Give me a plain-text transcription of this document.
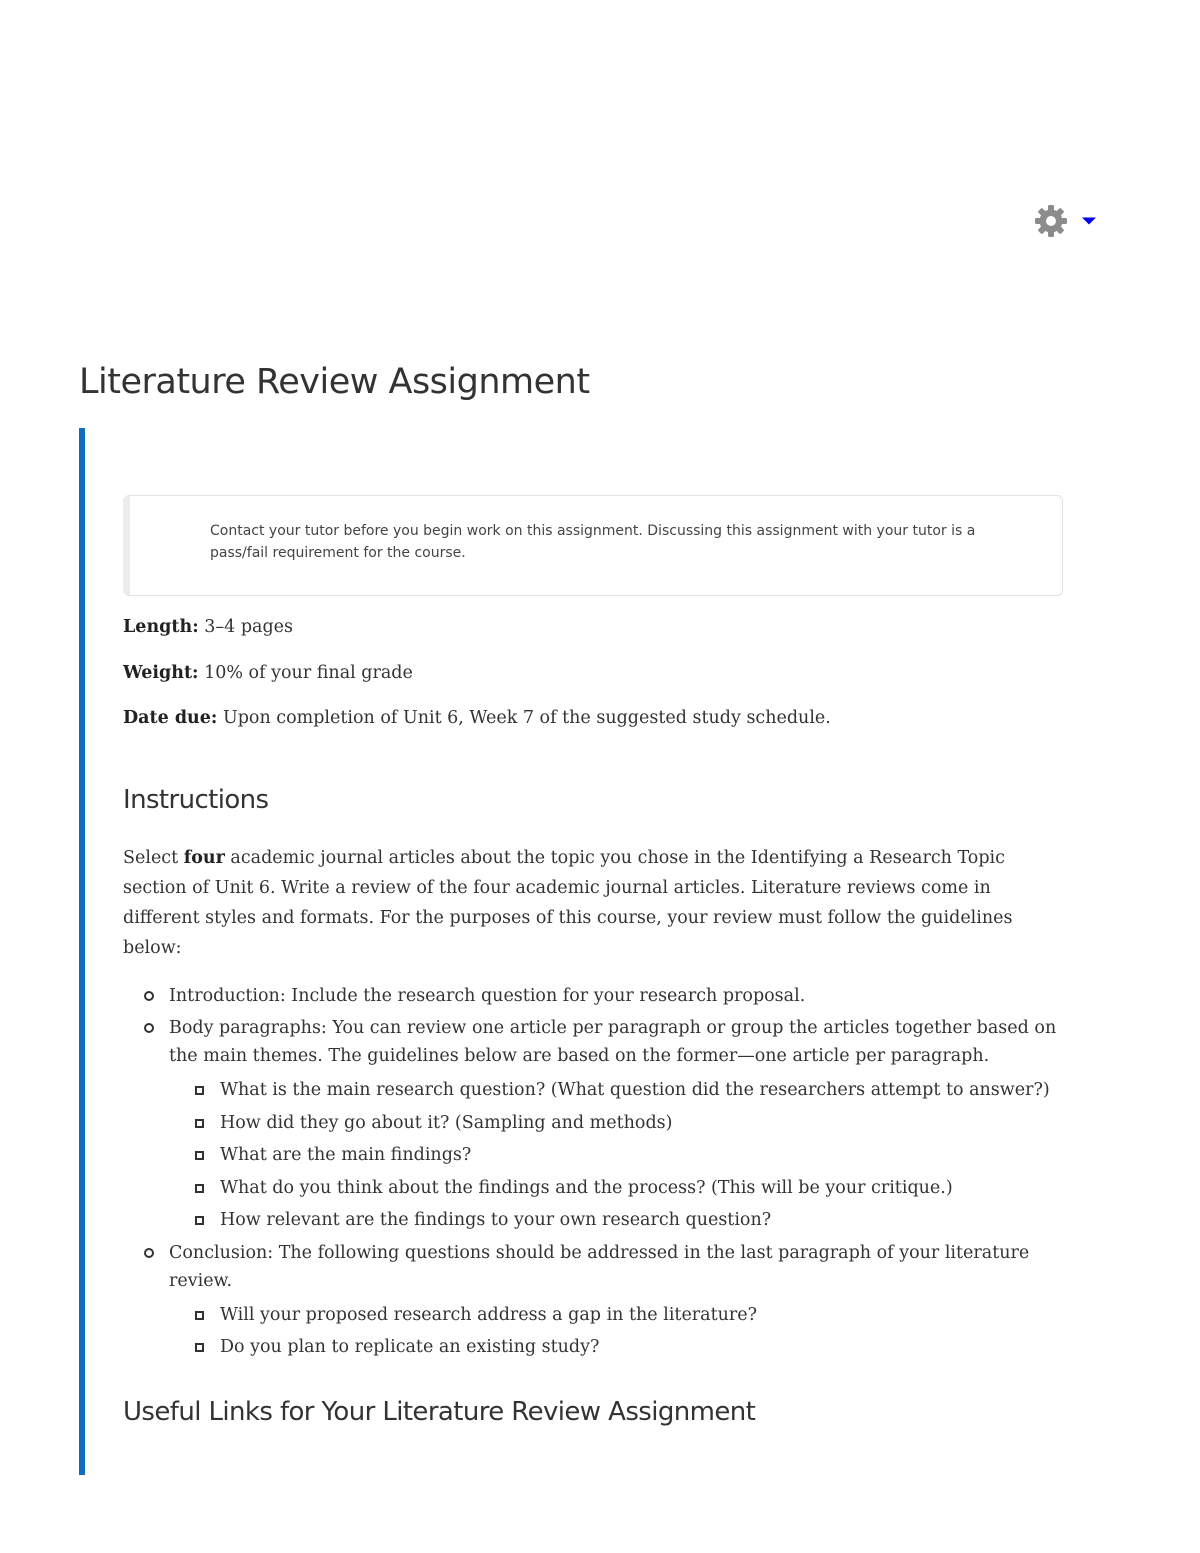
Literature Review Assignment
Contact your tutor before you begin work on this assignment. Discussing this assignment with your tutor is a pass/fail requirement for the course.

Length: 3–4 pages

Weight: 10% of your final grade

Date due: Upon completion of Unit 6, Week 7 of the suggested study schedule.

Instructions

Select four academic journal articles about the topic you chose in the Identifying a Research Topic section of Unit 6. Write a review of the four academic journal articles. Literature reviews come in different styles and formats. For the purposes of this course, your review must follow the guidelines below:

Introduction: Include the research question for your research proposal.
Body paragraphs: You can review one article per paragraph or group the articles together based on the main themes. The guidelines below are based on the former—one article per paragraph.
What is the main research question? (What question did the researchers attempt to answer?)
How did they go about it? (Sampling and methods)
What are the main findings?
What do you think about the findings and the process? (This will be your critique.)
How relevant are the findings to your own research question?
Conclusion: The following questions should be addressed in the last paragraph of your literature review.
Will your proposed research address a gap in the literature?
Do you plan to replicate an existing study?
Useful Links for Your Literature Review Assignment
